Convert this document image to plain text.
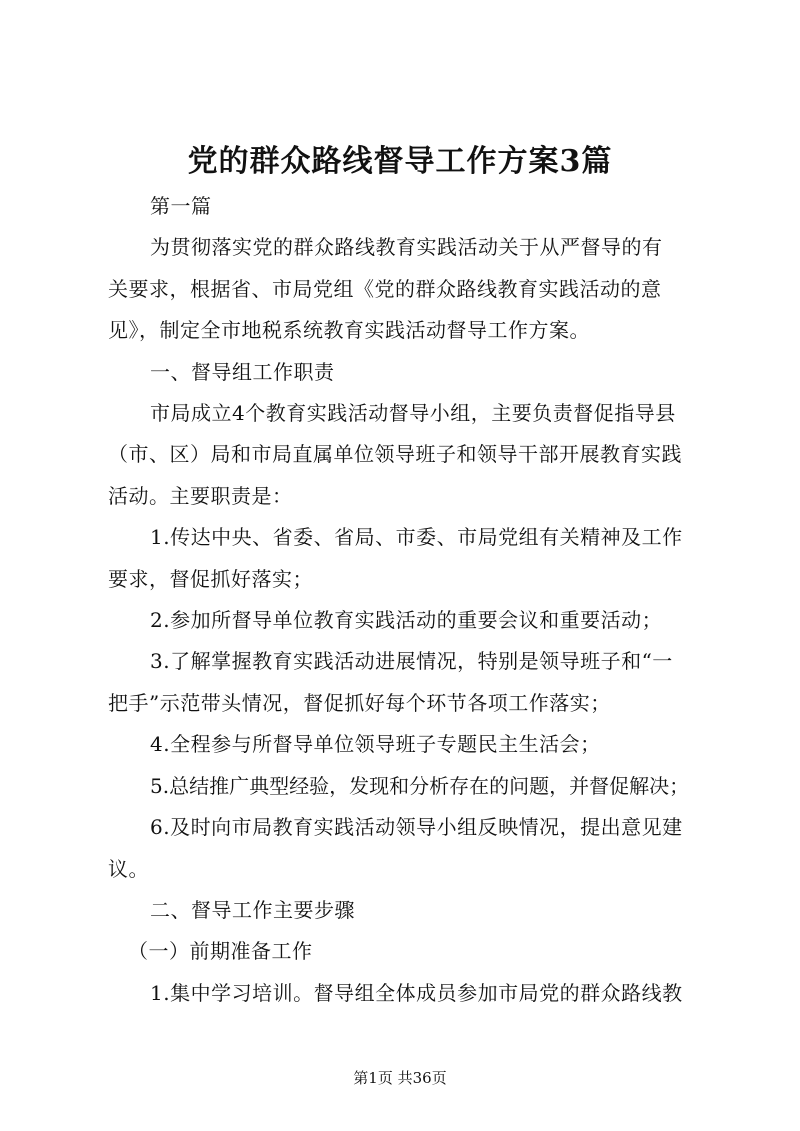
党的群众路线督导工作方案3篇

第一篇

为贯彻落实党的群众路线教育实践活动关于从严督导的有
关要求，根据省、市局党组《党的群众路线教育实践活动的意
见》，制定全市地税系统教育实践活动督导工作方案。

一、督导组工作职责

市局成立4个教育实践活动督导小组，主要负责督促指导县
（市、区）局和市局直属单位领导班子和领导干部开展教育实践
活动。主要职责是：

1.传达中央、省委、省局、市委、市局党组有关精神及工作
要求，督促抓好落实；

2.参加所督导单位教育实践活动的重要会议和重要活动；

3.了解掌握教育实践活动进展情况，特别是领导班子和“一
把手”示范带头情况，督促抓好每个环节各项工作落实；

4.全程参与所督导单位领导班子专题民主生活会；

5.总结推广典型经验，发现和分析存在的问题，并督促解决；

6.及时向市局教育实践活动领导小组反映情况，提出意见建
议。

二、督导工作主要步骤

（一）前期准备工作

1.集中学习培训。督导组全体成员参加市局党的群众路线教

第1页 共36页
